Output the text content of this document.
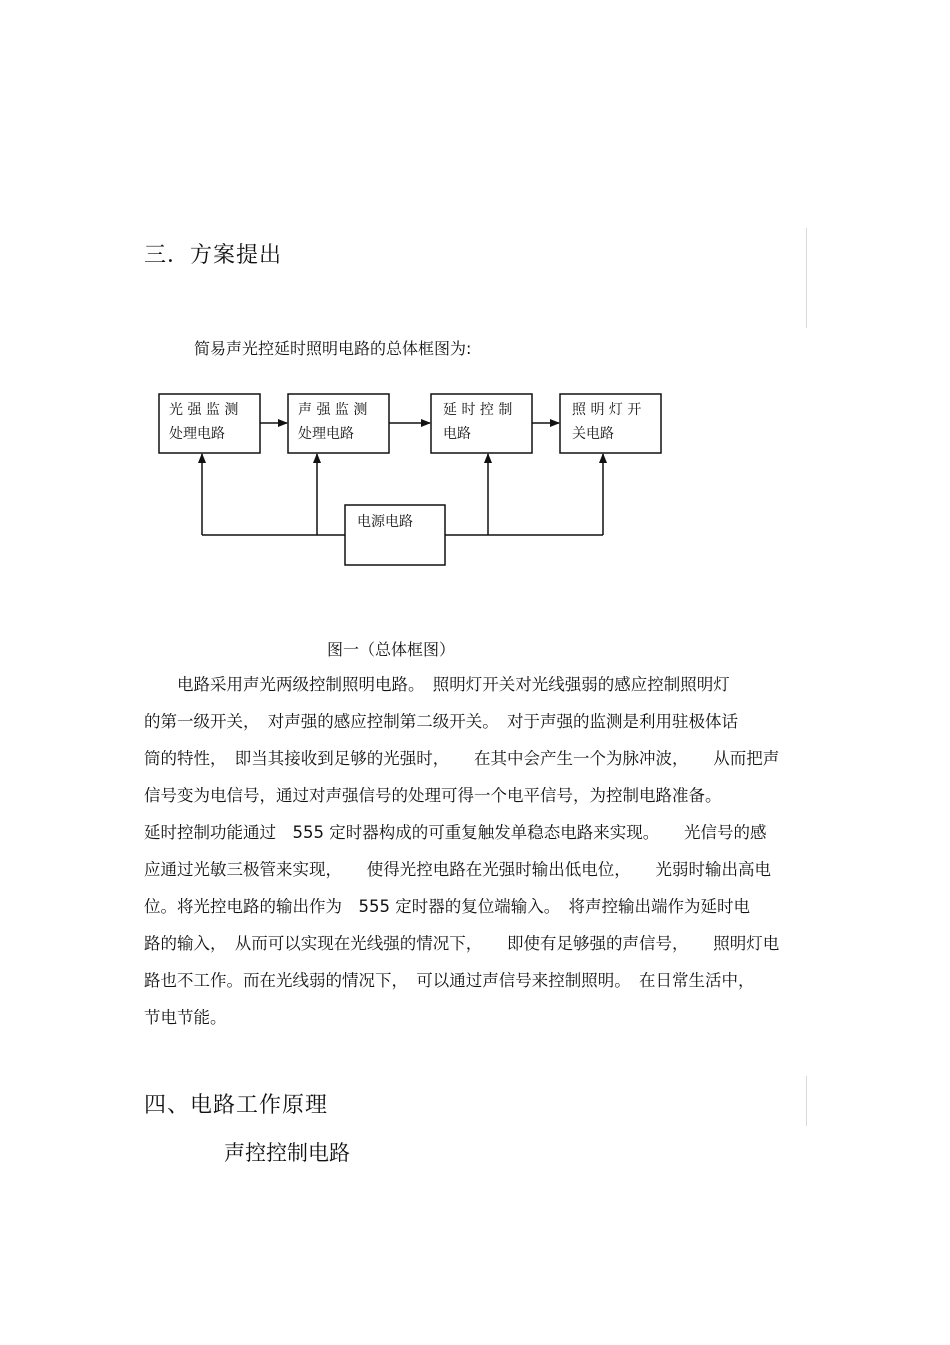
三．方案提出
简易声光控延时照明电路的总体框图为:
光 强 监 测
处理电路
声 强 监 测
处理电路
延 时 控 制
电路
照 明 灯 开
关电路
电源电路
图一（总体框图）
　　电路采用声光两级控制照明电路。　照明灯开关对光线强弱的感应控制照明灯
的第一级开关，　对声强的感应控制第二级开关。　对于声强的监测是利用驻极体话
筒的特性，　即当其接收到足够的光强时，　　在其中会产生一个为脉冲波，　　从而把声
信号变为电信号，通过对声强信号的处理可得一个电平信号，为控制电路准备。
延时控制功能通过　555 定时器构成的可重复触发单稳态电路来实现。　　光信号的感
应通过光敏三极管来实现，　　使得光控电路在光强时输出低电位，　　光弱时输出高电
位。将光控电路的输出作为　555 定时器的复位端输入。　将声控输出端作为延时电
路的输入，　从而可以实现在光线强的情况下，　　即使有足够强的声信号，　　照明灯电
路也不工作。而在光线弱的情况下，　可以通过声信号来控制照明。　在日常生活中，
节电节能。
四、电路工作原理
声控控制电路
